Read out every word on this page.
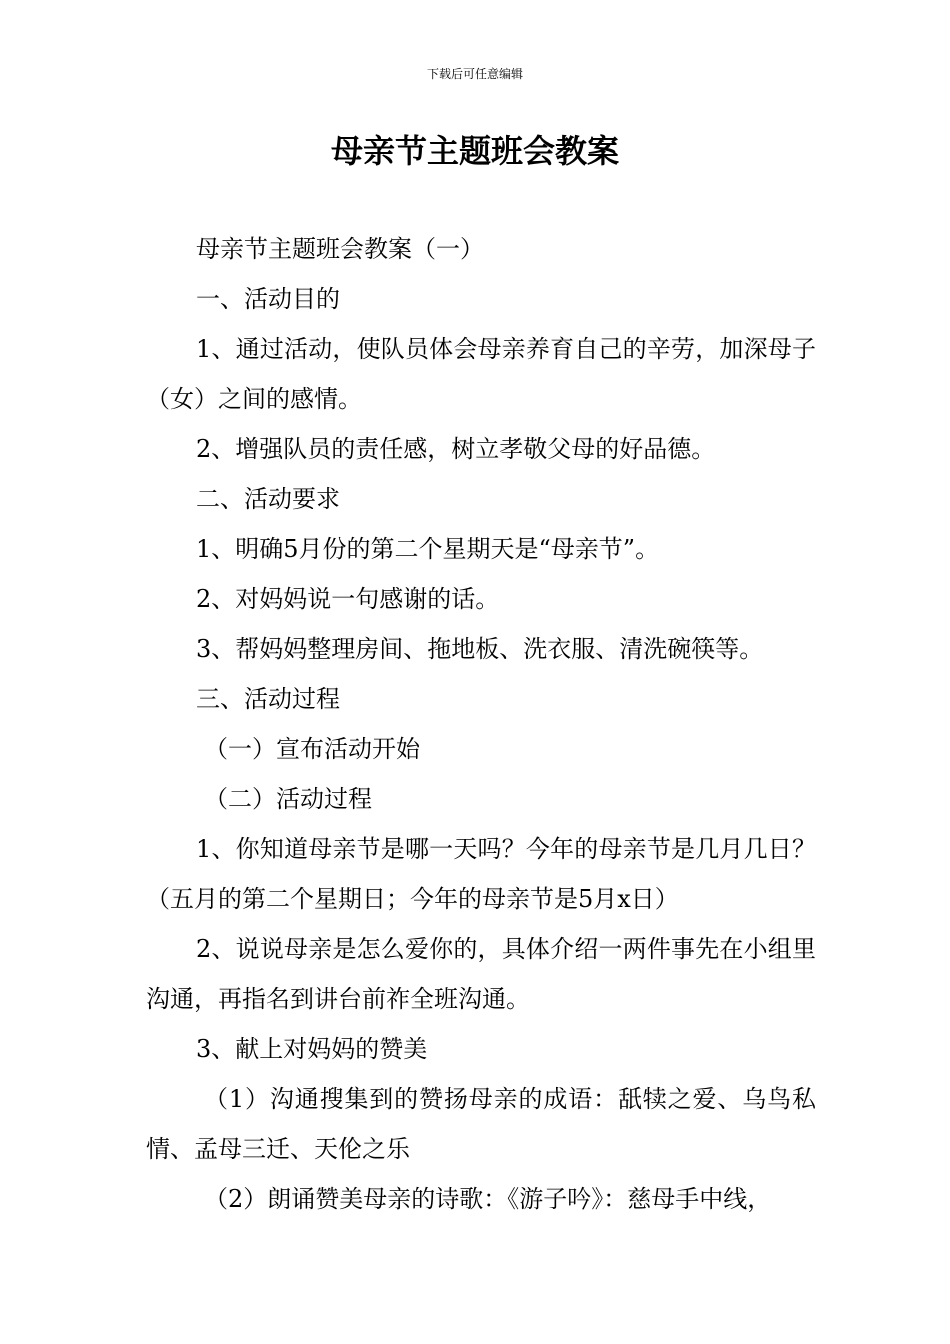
下载后可任意编辑
母亲节主题班会教案

母亲节主题班会教案（一）

一、活动目的

1、通过活动，使队员体会母亲养育自己的辛劳，加深母子（女）之间的感情。

2、增强队员的责任感，树立孝敬父母的好品德。

二、活动要求

1、明确5月份的第二个星期天是“母亲节”。

2、对妈妈说一句感谢的话。

3、帮妈妈整理房间、拖地板、洗衣服、清洗碗筷等。

三、活动过程

（一）宣布活动开始

（二）活动过程

1、你知道母亲节是哪一天吗？今年的母亲节是几月几日？（五月的第二个星期日；今年的母亲节是5月x日）

2、说说母亲是怎么爱你的，具体介绍一两件事先在小组里沟通，再指名到讲台前祚全班沟通。

3、献上对妈妈的赞美

（1）沟通搜集到的赞扬母亲的成语：舐犊之爱、乌鸟私情、孟母三迁、天伦之乐

（2）朗诵赞美母亲的诗歌：《游子吟》：慈母手中线，
